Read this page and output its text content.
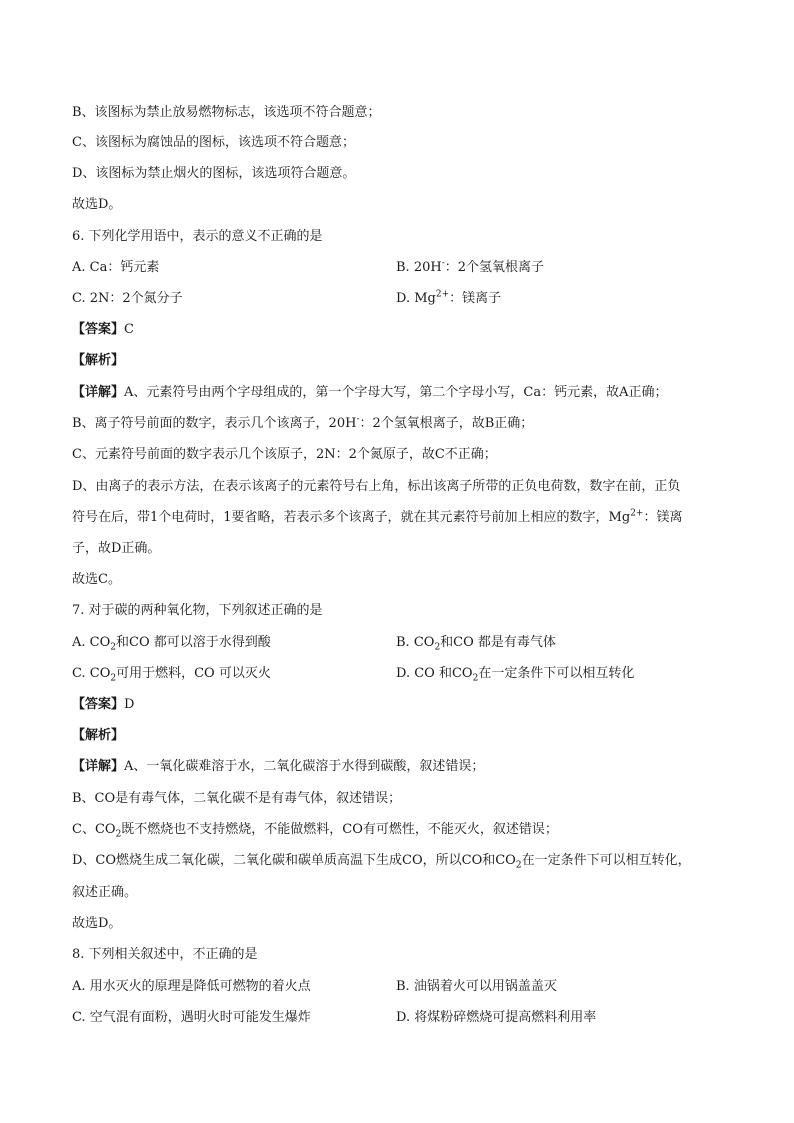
B、该图标为禁止放易燃物标志，该选项不符合题意；
C、该图标为腐蚀品的图标，该选项不符合题意；
D、该图标为禁止烟火的图标，该选项符合题意。
故选D。
6. 下列化学用语中，表示的意义不正确的是
A. Ca：钙元素	B. 20H-：2个氢氧根离子
C. 2N：2个氮分子	D. $Mg^{2+}$：镁离子
【答案】C
【解析】
【详解】A、元素符号由两个字母组成的，第一个字母大写，第二个字母小写，Ca：钙元素，故A正确；
B、离子符号前面的数字，表示几个该离子，20H-：2个氢氧根离子，故B正确；
C、元素符号前面的数字表示几个该原子，2N：2个氮原子，故C不正确；
D、由离子的表示方法，在表示该离子的元素符号右上角，标出该离子所带的正负电荷数，数字在前，正负
符号在后，带1个电荷时，1要省略，若表示多个该离子，就在其元素符号前加上相应的数字，$Mg^{2+}$：镁离
子，故D正确。
故选C。
7. 对于碳的两种氧化物，下列叙述正确的是
A. $CO_2$和CO 都可以溶于水得到酸	B. $CO_2$和CO 都是有毒气体
C. $CO_2$可用于燃料，CO 可以灭火	D. CO 和$CO_2$在一定条件下可以相互转化
【答案】D
【解析】
【详解】A、一氧化碳难溶于水，二氧化碳溶于水得到碳酸，叙述错误；
B、CO是有毒气体，二氧化碳不是有毒气体，叙述错误；
C、$CO_2$既不燃烧也不支持燃烧，不能做燃料，CO有可燃性，不能灭火，叙述错误；
D、CO燃烧生成二氧化碳，二氧化碳和碳单质高温下生成CO，所以CO和$CO_2$在一定条件下可以相互转化，
叙述正确。
故选D。
8. 下列相关叙述中，不正确的是
A. 用水灭火的原理是降低可燃物的着火点	B. 油锅着火可以用锅盖盖灭
C. 空气混有面粉，遇明火时可能发生爆炸	D. 将煤粉碎燃烧可提高燃料利用率
